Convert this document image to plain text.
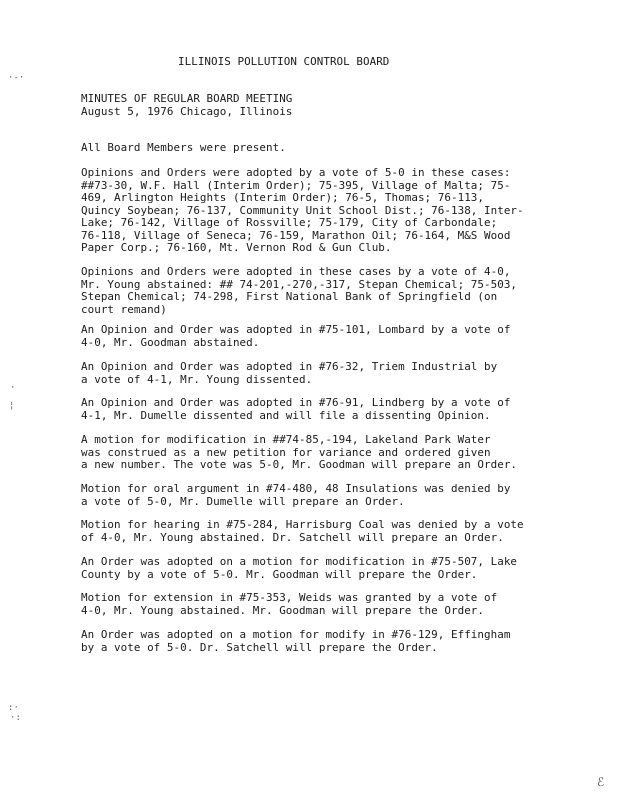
·-·
·
¦
:·
·:
ℰ
ILLINOIS POLLUTION CONTROL BOARD
MINUTES OF REGULAR BOARD MEETING
August 5, 1976 Chicago, Illinois

All Board Members were present.

Opinions and Orders were adopted by a vote of 5-0 in these cases:
##73-30, W.F. Hall (Interim Order); 75-395, Village of Malta; 75-
469, Arlington Heights (Interim Order); 76-5, Thomas; 76-113,
Quincy Soybean; 76-137, Community Unit School Dist.; 76-138, Inter-
Lake; 76-142, Village of Rossville; 75-179, City of Carbondale;
76-118, Village of Seneca; 76-159, Marathon Oil; 76-164, M&S Wood
Paper Corp.; 76-160, Mt. Vernon Rod & Gun Club.

Opinions and Orders were adopted in these cases by a vote of 4-0,
Mr. Young abstained: ## 74-201,-270,-317, Stepan Chemical; 75-503,
Stepan Chemical; 74-298, First National Bank of Springfield (on
court remand)

An Opinion and Order was adopted in #75-101, Lombard by a vote of
4-0, Mr. Goodman abstained.

An Opinion and Order was adopted in #76-32, Triem Industrial by
a vote of 4-1, Mr. Young dissented.

An Opinion and Order was adopted in #76-91, Lindberg by a vote of
4-1, Mr. Dumelle dissented and will file a dissenting Opinion.

A motion for modification in ##74-85,-194, Lakeland Park Water
was construed as a new petition for variance and ordered given
a new number. The vote was 5-0, Mr. Goodman will prepare an Order.

Motion for oral argument in #74-480, 48 Insulations was denied by
a vote of 5-0, Mr. Dumelle will prepare an Order.

Motion for hearing in #75-284, Harrisburg Coal was denied by a vote
of 4-0, Mr. Young abstained. Dr. Satchell will prepare an Order.

An Order was adopted on a motion for modification in #75-507, Lake
County by a vote of 5-0. Mr. Goodman will prepare the Order.

Motion for extension in #75-353, Weids was granted by a vote of
4-0, Mr. Young abstained. Mr. Goodman will prepare the Order.

An Order was adopted on a motion for modify in #76-129, Effingham
by a vote of 5-0. Dr. Satchell will prepare the Order.
